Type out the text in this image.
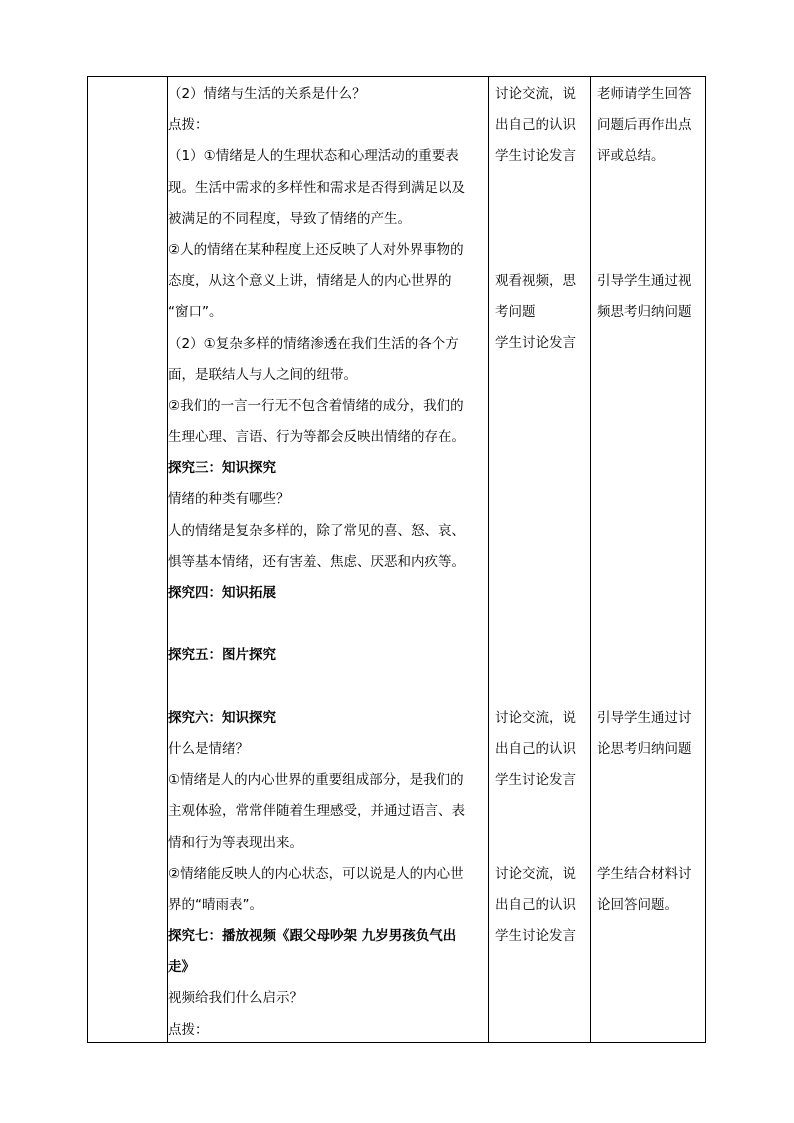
（2）情绪与生活的关系是什么？
点拨：
（1）①情绪是人的生理状态和心理活动的重要表
现。生活中需求的多样性和需求是否得到满足以及
被满足的不同程度，导致了情绪的产生。
②人的情绪在某种程度上还反映了人对外界事物的
态度，从这个意义上讲，情绪是人的内心世界的
“窗口”。
（2）①复杂多样的情绪渗透在我们生活的各个方
面，是联结人与人之间的纽带。
②我们的一言一行无不包含着情绪的成分，我们的
生理心理、言语、行为等都会反映出情绪的存在。
探究三：知识探究
情绪的种类有哪些？
人的情绪是复杂多样的，除了常见的喜、怒、哀、
惧等基本情绪，还有害羞、焦虑、厌恶和内疚等。
探究四：知识拓展
探究五：图片探究
探究六：知识探究
什么是情绪？
①情绪是人的内心世界的重要组成部分，是我们的
主观体验，常常伴随着生理感受，并通过语言、表
情和行为等表现出来。
②情绪能反映人的内心状态，可以说是人的内心世
界的“晴雨表”。
探究七：播放视频《跟父母吵架 九岁男孩负气出
走》
视频给我们什么启示？
点拨：
讨论交流，说
出自己的认识
学生讨论发言
观看视频，思
考问题
学生讨论发言
讨论交流，说
出自己的认识
学生讨论发言
讨论交流，说
出自己的认识
学生讨论发言
老师请学生回答
问题后再作出点
评或总结。
引导学生通过视
频思考归纳问题
引导学生通过讨
论思考归纳问题
学生结合材料讨
论回答问题。
